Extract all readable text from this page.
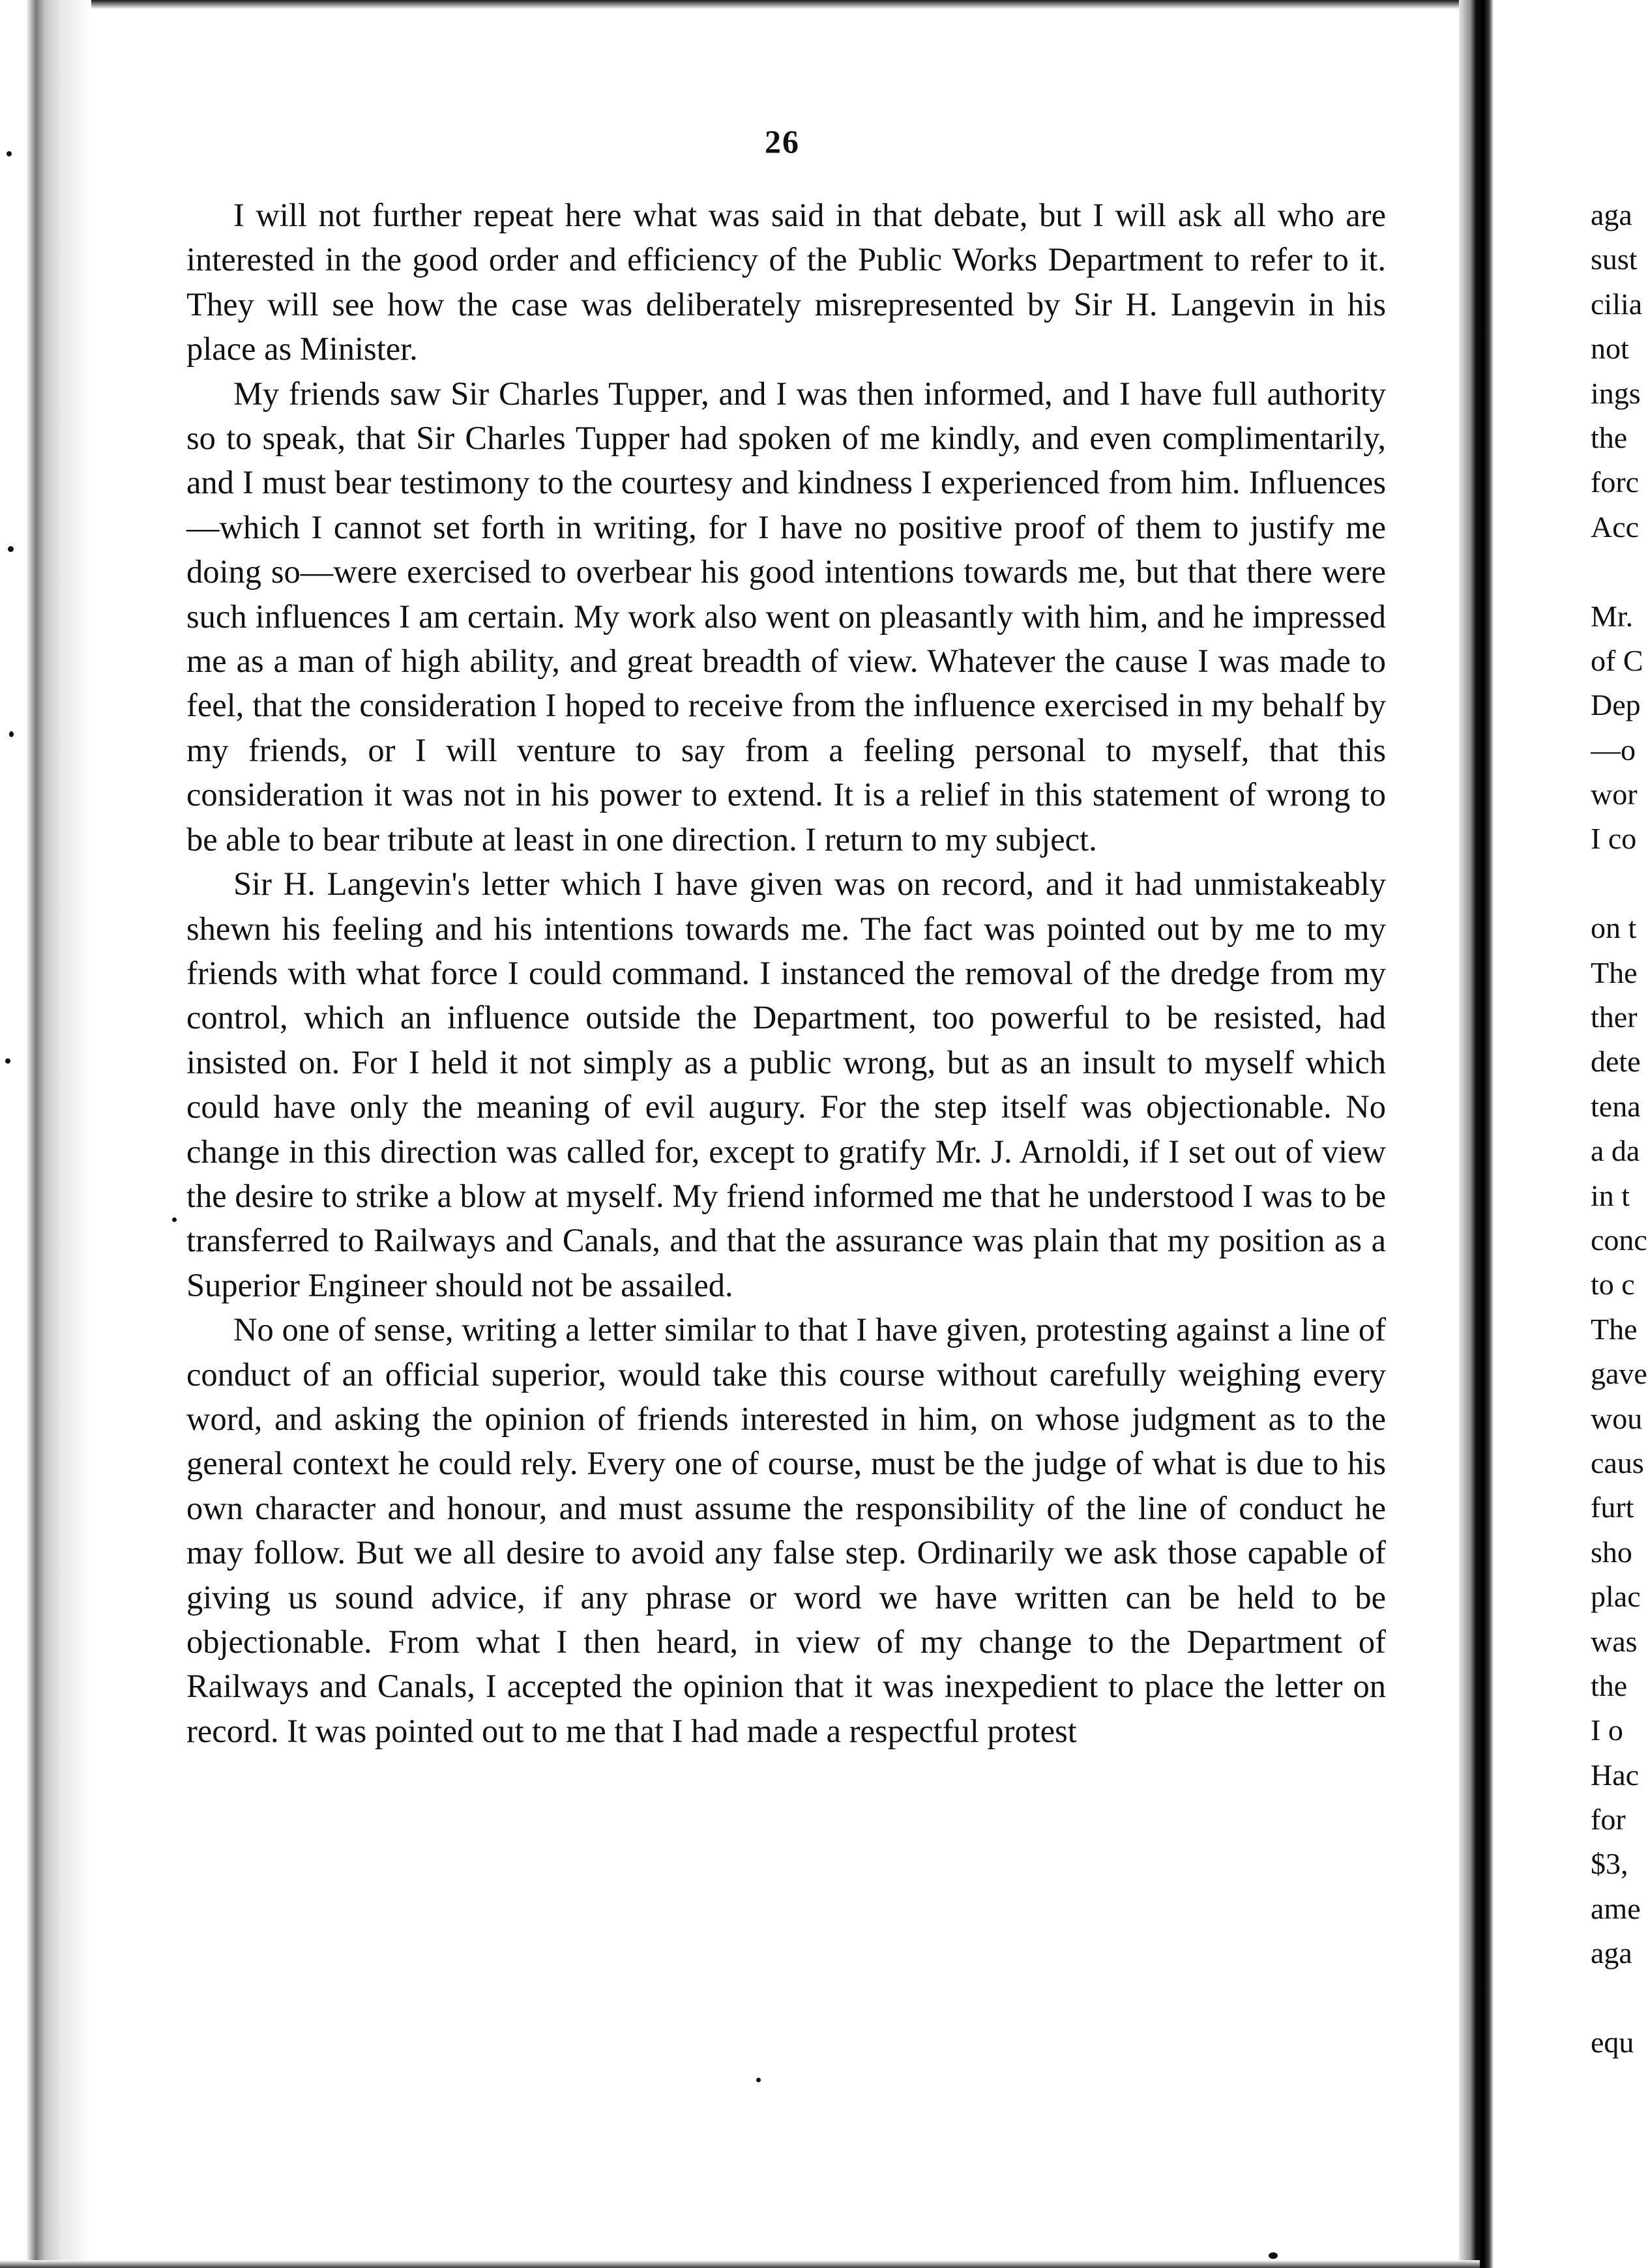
26

I will not further repeat here what was said in that debate, but I will ask all who are interested in the good order and efficiency of the Public Works Department to refer to it. They will see how the case was deliberately misrepresented by Sir H. Langevin in his place as Minister.

My friends saw Sir Charles Tupper, and I was then informed, and I have full authority so to speak, that Sir Charles Tupper had spoken of me kindly, and even complimentarily, and I must bear testimony to the courtesy and kindness I experienced from him. Influences—which I cannot set forth in writing, for I have no positive proof of them to justify me doing so—were exercised to overbear his good intentions towards me, but that there were such influences I am certain. My work also went on pleasantly with him, and he impressed me as a man of high ability, and great breadth of view. Whatever the cause I was made to feel, that the consideration I hoped to receive from the influence exercised in my behalf by my friends, or I will venture to say from a feeling personal to myself, that this consideration it was not in his power to extend. It is a relief in this statement of wrong to be able to bear tribute at least in one direction. I return to my subject.

Sir H. Langevin's letter which I have given was on record, and it had unmistakeably shewn his feeling and his intentions towards me. The fact was pointed out by me to my friends with what force I could command. I instanced the removal of the dredge from my control, which an influence outside the Department, too powerful to be resisted, had insisted on. For I held it not simply as a public wrong, but as an insult to myself which could have only the meaning of evil augury. For the step itself was objectionable. No change in this direction was called for, except to gratify Mr. J. Arnoldi, if I set out of view the desire to strike a blow at myself. My friend informed me that he understood I was to be transferred to Railways and Canals, and that the assurance was plain that my position as a Superior Engineer should not be assailed.

No one of sense, writing a letter similar to that I have given, protesting against a line of conduct of an official superior, would take this course without carefully weighing every word, and asking the opinion of friends interested in him, on whose judgment as to the general context he could rely. Every one of course, must be the judge of what is due to his own character and honour, and must assume the responsibility of the line of conduct he may follow. But we all desire to avoid any false step. Ordinarily we ask those capable of giving us sound advice, if any phrase or word we have written can be held to be objectionable. From what I then heard, in view of my change to the Department of Railways and Canals, I accepted the opinion that it was inexpedient to place the letter on record. It was pointed out to me that I had made a respectful protest

aga
sust
cilia
not
ings
the
forc
Acc
Mr.
of C
Dep
—o
wor
I co
on t
The
ther
dete
tena
a da
in t
conc
to c
The
gave
wou
caus
furt
sho
plac
was
the
I o
Hac
for
$3,
ame
aga
equ
